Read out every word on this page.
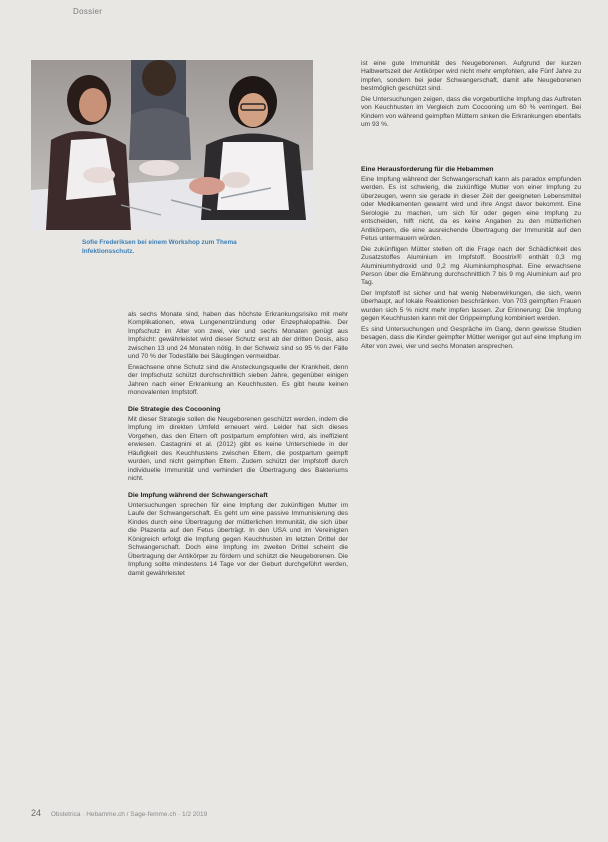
Dossier
Sofie Frederiksen bei einem Workshop zum Thema Infektionsschutz.

als sechs Monate sind, haben das höchste Erkrankungsrisiko mit mehr Komplikationen, etwa Lungenentzündung oder Enzephalopathie. Der Impfschutz im Alter von zwei, vier und sechs Monaten genügt aus Impfsicht: gewährleistet wird dieser Schutz erst ab der dritten Dosis, also zwischen 13 und 24 Monaten nötig. In der Schweiz sind so 95 % der Fälle und 70 % der Todesfälle bei Säuglingen vermeidbar.

Erwachsene ohne Schutz sind die Ansteckungsquelle der Krankheit, denn der Impfschutz schützt durchschnittlich sieben Jahre, gegenüber einigen Jahren nach einer Erkrankung an Keuchhusten. Es gibt heute keinen monovalenten Impfstoff.

Die Strategie des Cocooning

Mit dieser Strategie sollen die Neugeborenen geschützt werden, indem die Impfung im direkten Umfeld erneuert wird. Leider hat sich dieses Vorgehen, das den Eltern oft postpartum empfohlen wird, als ineffizient erwiesen. Castagnini et al. (2012) gibt es keine Unterschiede in der Häufigkeit des Keuchhustens zwischen Eltern, die postpartum geimpft wurden, und nicht geimpften Eltern. Zudem schützt der Impfstoff durch individuelle Immunität und verhindert die Übertragung des Bakteriums nicht.

Die Impfung während der Schwangerschaft

Untersuchungen sprechen für eine Impfung der zukünftigen Mutter im Laufe der Schwangerschaft. Es geht um eine passive Immunisierung des Kindes durch eine Übertragung der mütterlichen Immunität, die sich über die Plazenta auf den Fetus überträgt. In den USA und im Vereinigten Königreich erfolgt die Impfung gegen Keuchhusten im letzten Drittel der Schwangerschaft. Doch eine Impfung im zweiten Drittel scheint die Übertragung der Antikörper zu fördern und schützt die Neugeborenen. Die Impfung sollte mindestens 14 Tage vor der Geburt durchgeführt werden, damit gewährleistet

ist eine gute Immunität des Neugeborenen. Aufgrund der kurzen Halbwertszeit der Antikörper wird nicht mehr empfohlen, alle Fünf Jahre zu impfen, sondern bei jeder Schwangerschaft, damit alle Neugeborenen bestmöglich geschützt sind.

Die Untersuchungen zeigen, dass die vorgeburtliche Impfung das Auftreten von Keuchhusten im Vergleich zum Cocooning um 60 % verringert. Bei Kindern von während geimpften Müttern sinken die Erkrankungen ebenfalls um 93 %.

Eine Herausforderung für die Hebammen

Eine Impfung während der Schwangerschaft kann als paradox empfunden werden. Es ist schwierig, die zukünftige Mutter von einer Impfung zu überzeugen, wenn sie gerade in dieser Zeit der geeigneten Lebensmittel oder Medikamenten gewarnt wird und ihre Angst davor bekommt. Eine Serologie zu machen, um sich für oder gegen eine Impfung zu entscheiden, hilft nicht, da es keine Angaben zu den mütterlichen Antikörpern, die eine ausreichende Übertragung der Immunität auf den Fetus untermauern würden.

Die zukünftigen Mütter stellen oft die Frage nach der Schädlichkeit des Zusatzstoffes Aluminium im Impfstoff. Boostrix® enthält 0,3 mg Aluminiumhydroxid und 0,2 mg Aluminiumphosphat. Eine erwachsene Person über die Ernährung durchschnittlich 7 bis 9 mg Aluminium auf pro Tag.

Der Impfstoff ist sicher und hat wenig Nebenwirkungen, die sich, wenn überhaupt, auf lokale Reaktionen beschränken. Von 703 geimpften Frauen wurden sich 5 % nicht mehr impfen lassen. Zur Erinnerung: Die Impfung gegen Keuchhusten kann mit der Grippeimpfung kombiniert werden.

Es sind Untersuchungen und Gespräche im Gang, denn gewisse Studien besagen, dass die Kinder geimpfter Mütter weniger gut auf eine Impfung im Alter von zwei, vier und sechs Monaten ansprechen.

24 Obstetrica · Hebamme.ch / Sage-femme.ch · 1/2 2019
